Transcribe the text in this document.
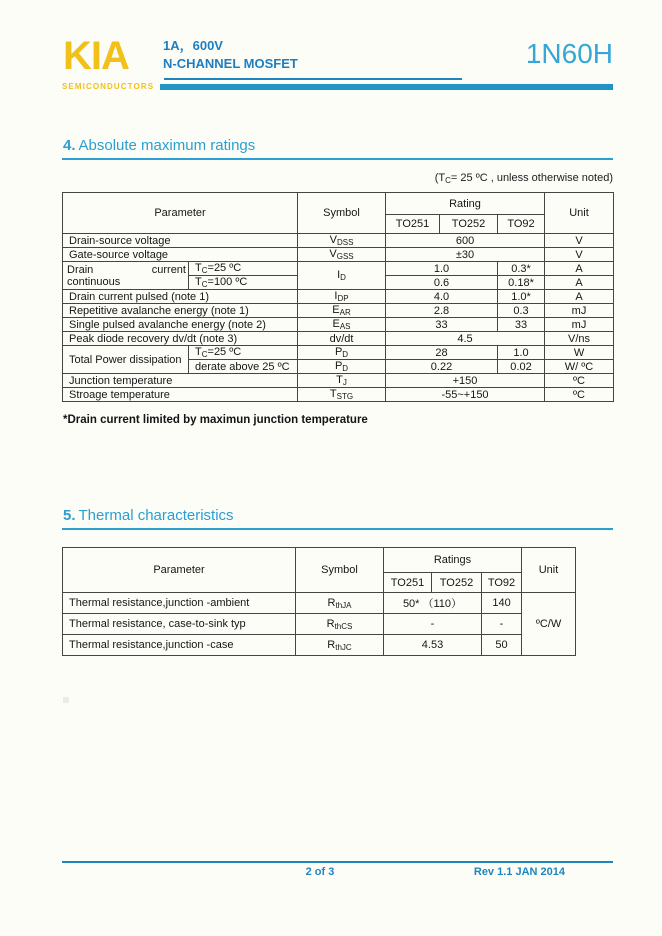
KIA
SEMICONDUCTORS
1A，600V
N-CHANNEL MOSFET	1N60H
4. Absolute maximum ratings
($T_C= 25$ ºC , unless otherwise noted)
Parameter		Symbol	Rating			Unit
			TO251	TO252	TO92	
Drain-source voltage		$V_{DSS}$	600			V
Gate-source voltage		$V_{GSS}$	±30			V

Drain current
continuous	$T_C=25$ ºC	$I_D$	1.0		0.3*	A
	$T_C=100$ ºC		0.6		0.18*	A
Drain current pulsed (note 1)		$I_{DP}$	4.0		1.0*	A
Repetitive avalanche energy (note 1)		$E_{AR}$	2.8		0.3	mJ
Single pulsed avalanche energy (note 2)		$E_{AS}$	33		33	mJ
Peak diode recovery dv/dt (note 3)		dv/dt	4.5			V/ns
Total Power dissipation	$T_C=25$ ºC	$P_D$	28		1.0	W
	derate above 25 ºC	$P_D$	0.22		0.02	W/ ºC
Junction temperature		$T_J$	+150			ºC
Stroage temperature		$T_{STG}$	-55~+150			ºC
*Drain current limited by maximun junction temperature
5. Thermal characteristics
Parameter	Symbol	Ratings			Unit
		TO251	TO252	TO92	
Thermal resistance,junction -ambient	$R_{thJA}$	50* （110）		140	ºC/W
Thermal resistance, case-to-sink typ	$R_{thCS}$	-		-	
Thermal resistance,junction -case	$R_{thJC}$	4.53		50	
2 of 3	Rev 1.1 JAN 2014
